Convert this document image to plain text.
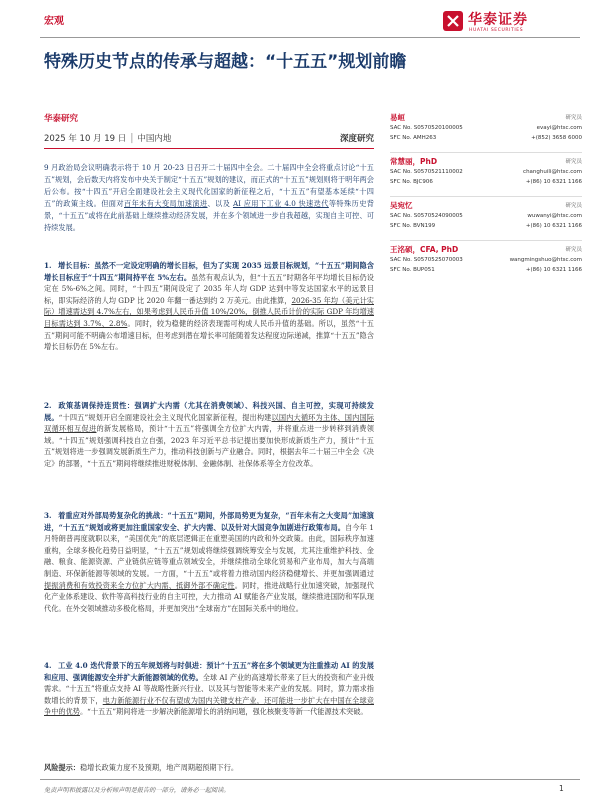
宏观	华泰证券
HUATAI SECURITIES
特殊历史节点的传承与超越：“十五五”规划前瞻
华泰研究
2025 年 10 月 19 日 │ 中国内地	深度研究
9 月政治局会议明确表示将于 10 月 20-23 日召开二十届四中全会。二十届四中全会将重点讨论“十五五”规划，会后数天内将发布中央关于制定“十五五”规划的建议，而正式的“十五五”规划则将于明年两会后公布。按“十四五”开启全面建设社会主义现代化国家的新征程之后，“十五五”有望基本延续“十四五”的政策主线。但面对百年未有大变局加速演进、以及 AI 应用下工业 4.0 快速迭代等特殊历史背景，“十五五”或将在此前基础上继续推动经济发展，并在多个领域进一步自我超越，实现自主可控、可持续发展。
1. 增长目标：虽然不一定设定明确的增长目标，但为了实现 2035 远景目标规划，“十五五”期间隐含增长目标应于“十四五”期间持平在 5%左右。虽然有观点认为，但“十五五”时期各年平均增长目标仍设定在 5%-6%之间。同时，“十四五”期间设定了 2035 年人均 GDP 达到中等发达国家水平的远景目标，即实际经济的人均 GDP 比 2020 年翻一番达到约 2 万美元。由此推算，2026-35 年均（美元计实际）增速需达到 4.7%左右，如果考虑到人民币升值 10%/20%，倒推人民币计价的实际 GDP 年均增速目标需达到 3.7%、2.8%。同时，较为稳健的经济表现需可构成人民币升值的基础。所以，虽然“十五五”期间可能不明确公布增速目标，但考虑到潜在增长率可能随着发达程度边际递减，推算“十五五”隐含增长目标仍在 5%左右。
2. 政策基调保持连贯性：强调扩大内需（尤其在消费领域）、科技兴国、自主可控，实现可持续发展。“十四五”规划开启全面建设社会主义现代化国家新征程，提出构建以国内大循环为主体、国内国际双循环相互促进的新发展格局，预计“十五五”将强调全方位扩大内需，并将重点进一步转移到消费领域。“十四五”规划强调科技自立自强，2023 年习近平总书记提出要加快形成新质生产力，预计“十五五”规划将进一步强调发展新质生产力，推动科技创新与产业融合。同时，根据去年二十届三中全会《决定》的部署，“十五五”期间将继续推进财税体制、金融体制、社保体系等全方位改革。
3. 着重应对外部局势复杂化的挑战：“十五五”期间，外部局势更为复杂，“百年未有之大变局”加速演进，“十五五”规划或将更加注重国家安全、扩大内需、以及针对大国竞争加剧进行政策布局。自今年 1 月特朗普再度就职以来，“美国优先”的底层逻辑正在重塑美国的内政和外交政策。由此，国际秩序加速重构，全球多极化趋势日益明显，“十五五”规划或将继续强调统筹安全与发展，尤其注重维护科技、金融、粮食、能源资源、产业链供应链等重点领域安全，并继续推动全球化贸易和产业布局，加大与高端制造、环保新能源等领域的发展。一方面，“十五五”或将着力推动国内经济稳健增长、并更加强调通过提振消费和有效投资来全方位扩大内需、抵御外部不确定性。同时，推进战略行业加速突破，加强现代化产业体系建设、软件等高科技行业的自主可控，大力推动 AI 赋能各产业发展，继续推进国防和军队现代化。在外交领域推动多极化格局，并更加突出“全球南方”在国际关系中的地位。
4. 工业 4.0 迭代背景下的五年规划将与时俱进：预计“十五五”将在多个领域更为注重推动 AI 的发展和应用、强调能源安全并扩大新能源领域的优势。全球 AI 产业的高速增长带来了巨大的投资和产业升级需求。“十五五”将重点支持 AI 等战略性新兴行业、以及其与智能等未来产业的发展。同时，算力需求指数增长的背景下，电力新能源行业不仅有望成为国内关键支柱产业，还可能进一步扩大在中国在全球竞争中的优势。“十五五”期间将进一步解决新能源增长的消纳问题，强化核聚变等新一代能源技术突破。
风险提示：稳增长政策力度不及预期，地产周期超预期下行。
免责声明和披露以及分析师声明是报告的一部分，请务必一起阅读。	1
易峘	研究员
SAC No. S0570520100005	evayi@htsc.com
SFC No. AMH263	+(852) 3658 6000
常慧丽，PhD	研究员
SAC No. S0570521110002	changhuili@htsc.com
SFC No. BJC906	+(86) 10 6321 1166
吴宛忆	研究员
SAC No. S0570524090005	wuwanyi@htsc.com
SFC No. BVN199	+(86) 10 6321 1166
王洺硕，CFA, PhD	研究员
SAC No. S0570525070003	wangmingshuo@htsc.com
SFC No. BUP051	+(86) 10 6321 1166
